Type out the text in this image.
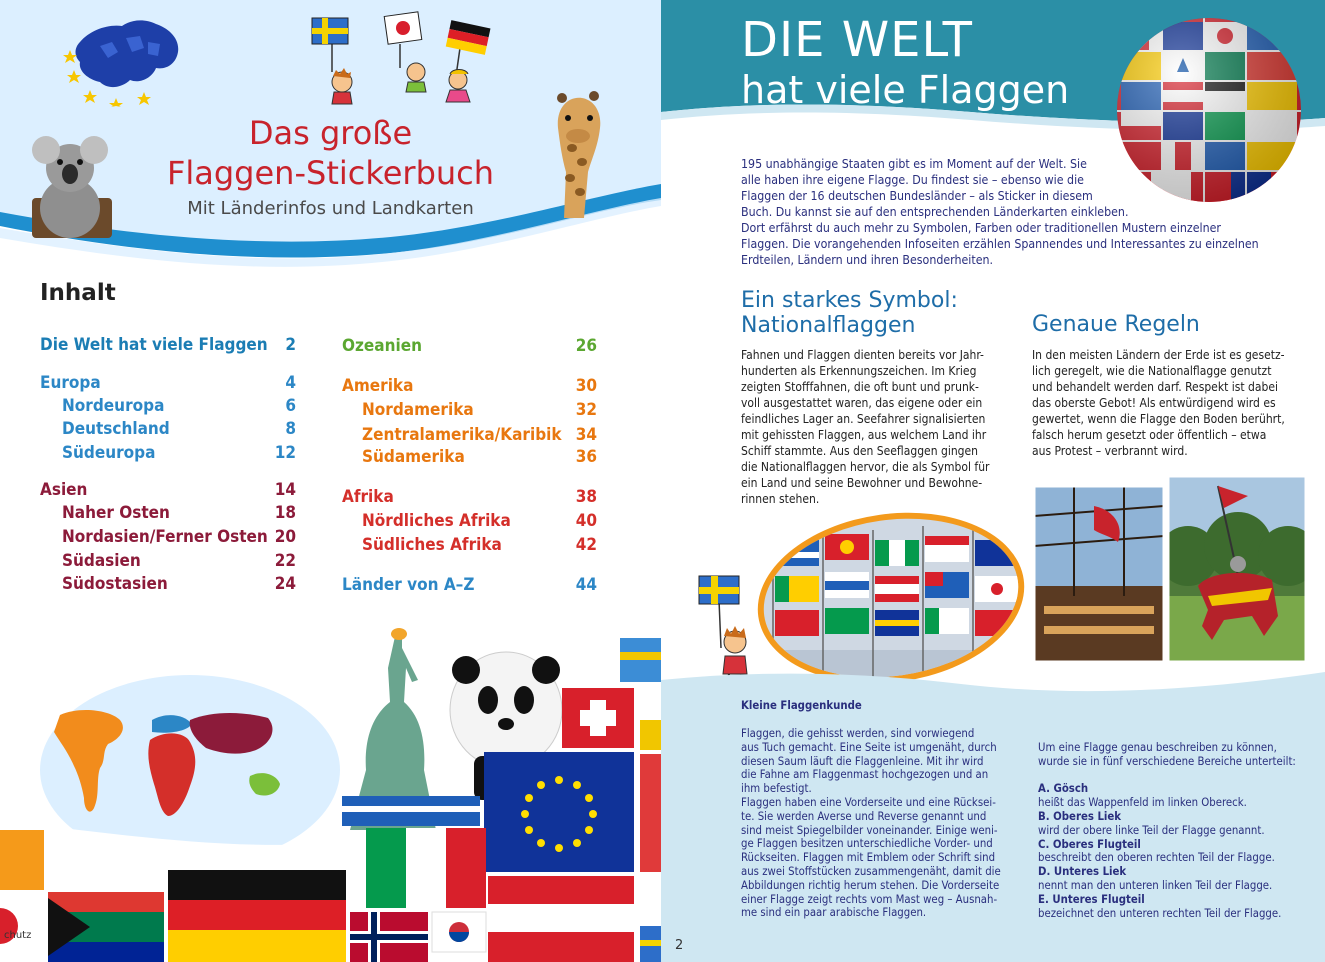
Das große
Flaggen-Stickerbuch
Mit Länderinfos und Landkarten
Inhalt
Die Welt hat viele Flaggen	2
Europa	4
Nordeuropa	6
Deutschland	8
Südeuropa	12
Asien	14
Naher Osten	18
Nordasien/Ferner Osten 20
Südasien	22
Südostasien	24
Ozeanien	26
Amerika	30
Nordamerika	32
Zentralamerika/Karibik 34
Südamerika	36
Afrika	38
Nördliches Afrika	40
Südliches Afrika	42
Länder von A–Z	44
chutz
DIE WELT
hat viele Flaggen
195 unabhängige Staaten gibt es im Moment auf der Welt. Sie
alle haben ihre eigene Flagge. Du findest sie – ebenso wie die
Flaggen der 16 deutschen Bundesländer – als Sticker in diesem
Buch. Du kannst sie auf den entsprechenden Länderkarten einkleben.
Dort erfährst du auch mehr zu Symbolen, Farben oder traditionellen Mustern einzelner
Flaggen. Die vorangehenden Infoseiten erzählen Spannendes und Interessantes zu einzelnen
Erdteilen, Ländern und ihren Besonderheiten.
Ein starkes Symbol:
Nationalflaggen	Genaue Regeln
Fahnen und Flaggen dienten bereits vor Jahr-
hunderten als Erkennungszeichen. Im Krieg
zeigten Stofffahnen, die oft bunt und prunk-
voll ausgestattet waren, das eigene oder ein
feindliches Lager an. Seefahrer signalisierten
mit gehissten Flaggen, aus welchem Land ihr
Schiff stammte. Aus den Seeflaggen gingen
die Nationalflaggen hervor, die als Symbol für
ein Land und seine Bewohner und Bewohne-
rinnen stehen.
In den meisten Ländern der Erde ist es gesetz-
lich geregelt, wie die Nationalflagge genutzt
und behandelt werden darf. Respekt ist dabei
das oberste Gebot! Als entwürdigend wird es
gewertet, wenn die Flagge den Boden berührt,
falsch herum gesetzt oder öffentlich – etwa
aus Protest – verbrannt wird.
Kleine Flaggenkunde
Flaggen, die gehisst werden, sind vorwiegend
aus Tuch gemacht. Eine Seite ist umgenäht, durch
diesen Saum läuft die Flaggenleine. Mit ihr wird
die Fahne am Flaggenmast hochgezogen und an
ihm befestigt.
Flaggen haben eine Vorderseite und eine Rücksei-
te. Sie werden Averse und Reverse genannt und
sind meist Spiegelbilder voneinander. Einige weni-
ge Flaggen besitzen unterschiedliche Vorder- und
Rückseiten. Flaggen mit Emblem oder Schrift sind
aus zwei Stoffstücken zusammengenäht, damit die
Abbildungen richtig herum stehen. Die Vorderseite
einer Flagge zeigt rechts vom Mast weg – Ausnah-
me sind ein paar arabische Flaggen.
Um eine Flagge genau beschreiben zu können,
wurde sie in fünf verschiedene Bereiche unterteilt:
A. Gösch
heißt das Wappenfeld im linken Obereck.
B. Oberes Liek
wird der obere linke Teil der Flagge genannt.
C. Oberes Flugteil
beschreibt den oberen rechten Teil der Flagge.
D. Unteres Liek
nennt man den unteren linken Teil der Flagge.
E. Unteres Flugteil
bezeichnet den unteren rechten Teil der Flagge.
2
